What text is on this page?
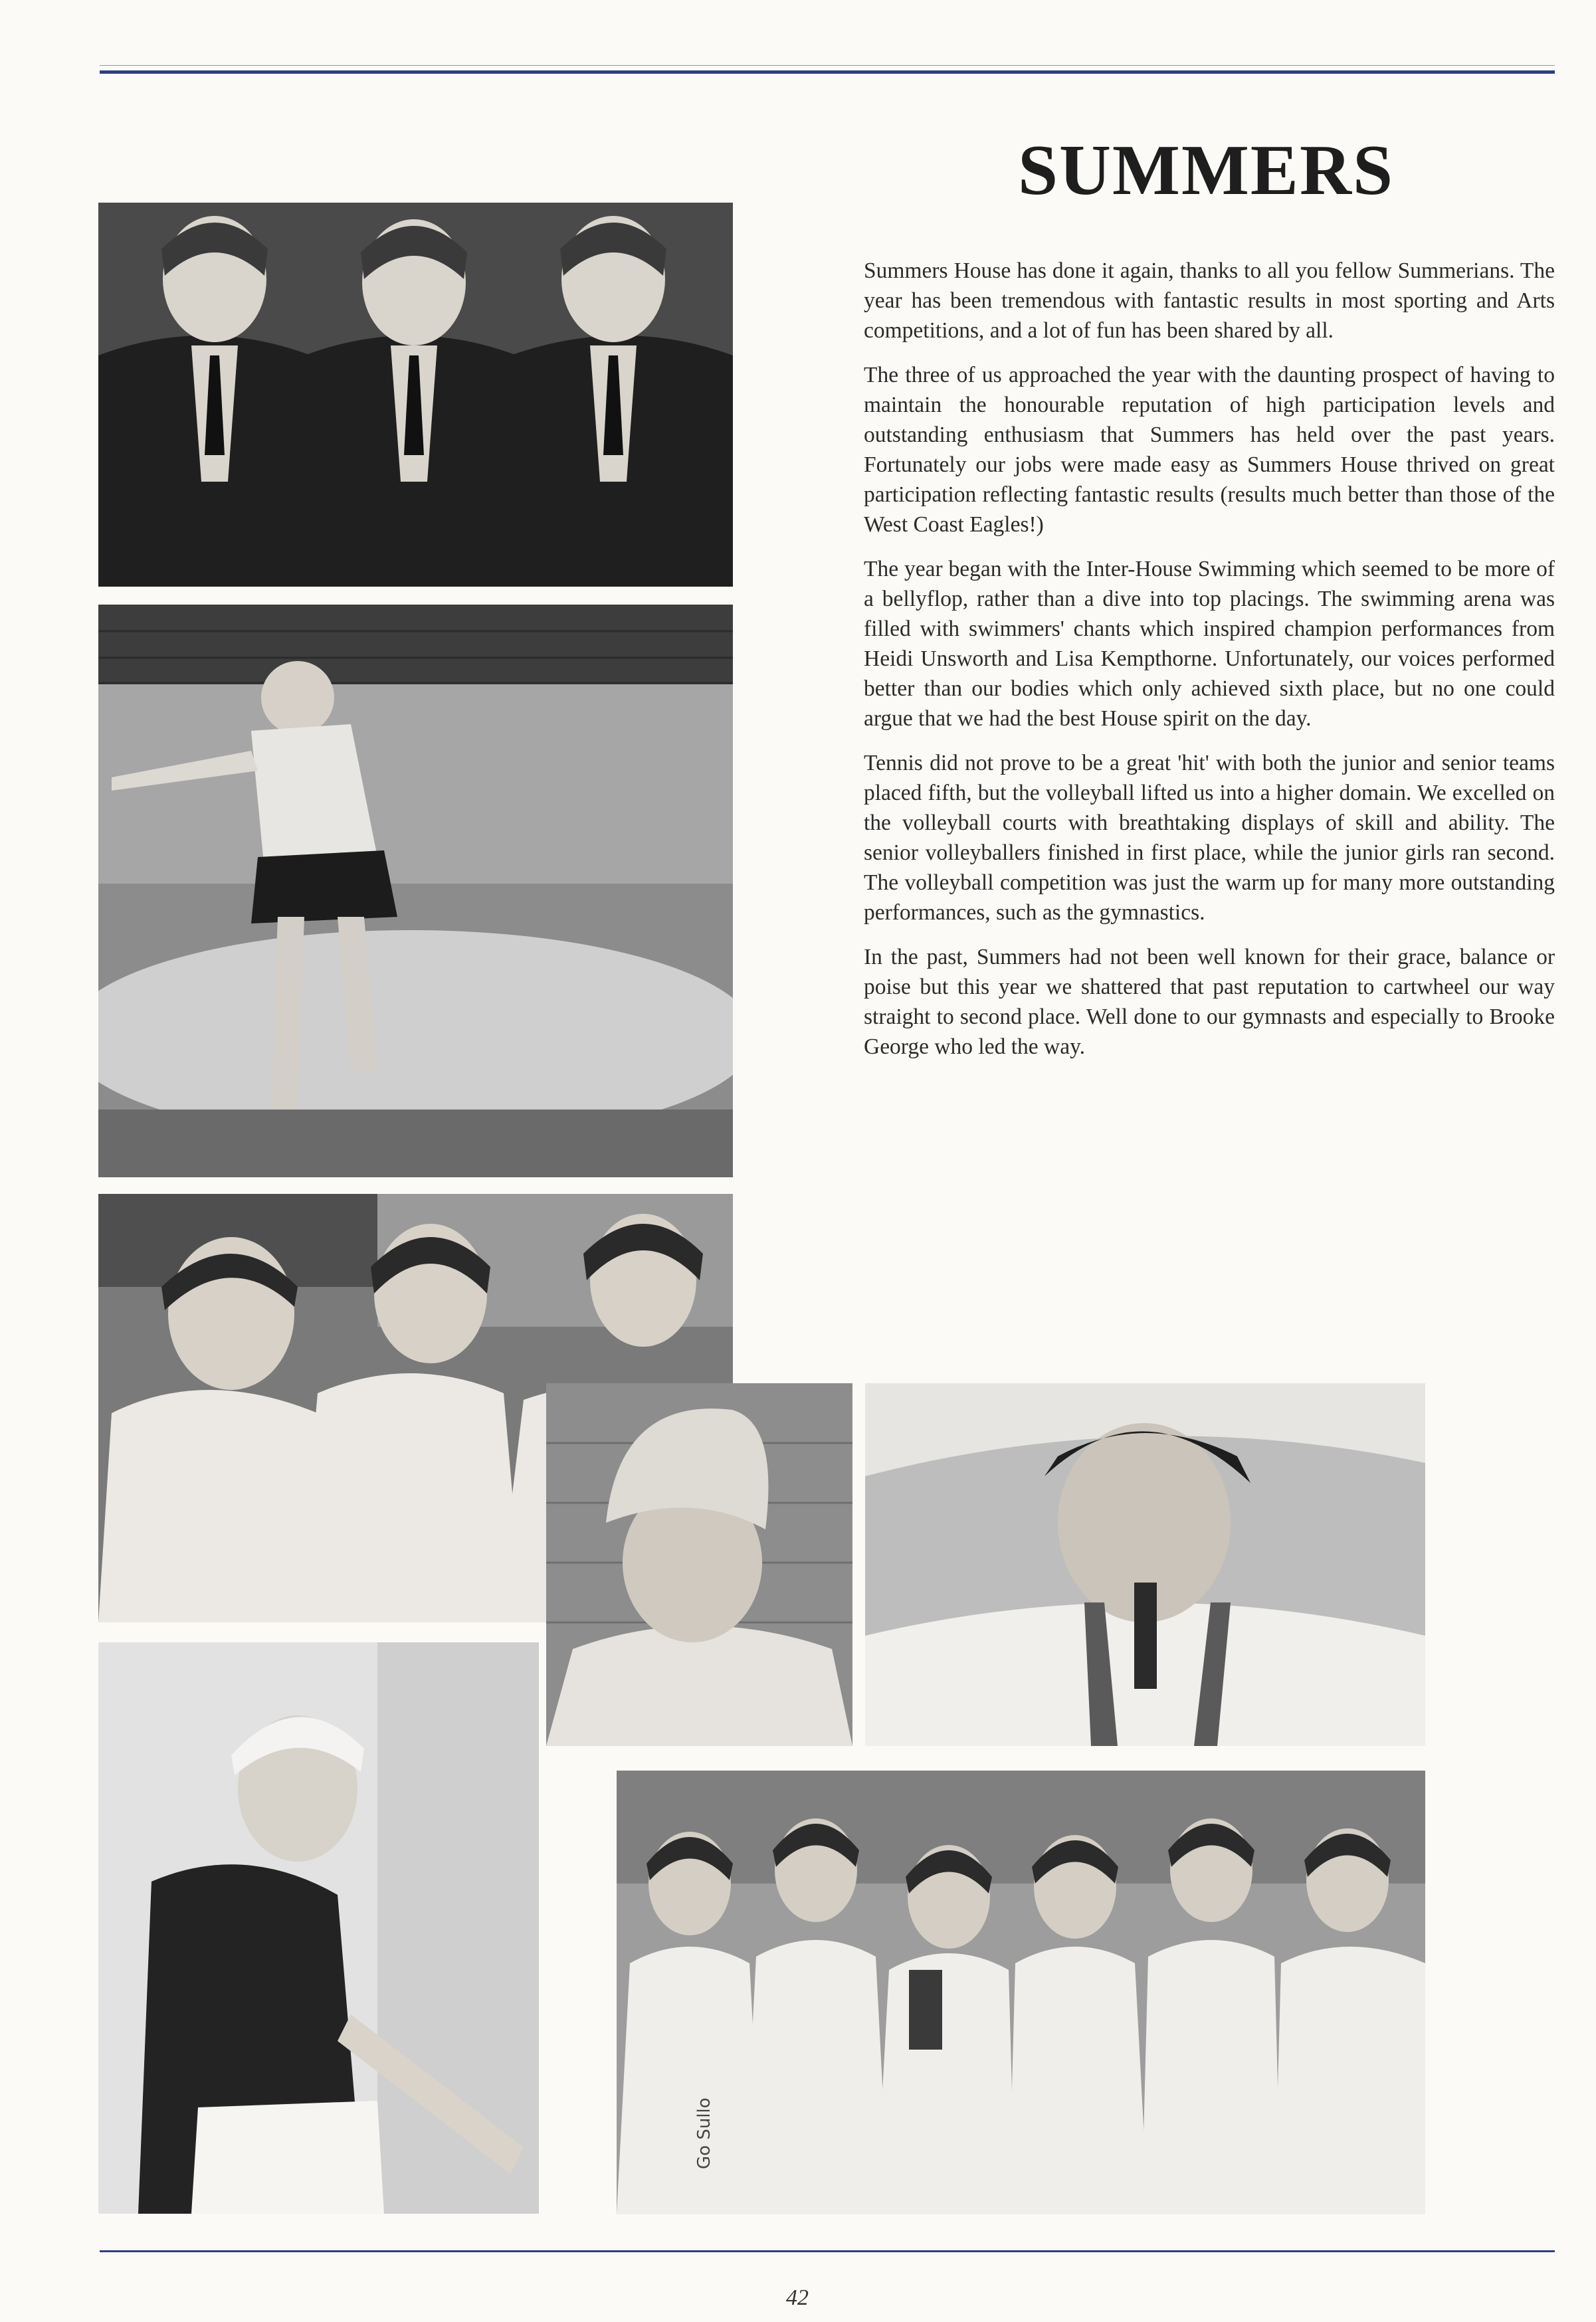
SUMMERS

Summers House has done it again, thanks to all you fellow Summerians. The year has been tremendous with fantastic results in most sporting and Arts competitions, and a lot of fun has been shared by all.

The three of us approached the year with the daunting prospect of having to maintain the honourable reputation of high participation levels and outstanding enthusiasm that Summers has held over the past years. Fortunately our jobs were made easy as Summers House thrived on great participation reflecting fantastic results (results much better than those of the West Coast Eagles!)

The year began with the Inter-House Swimming which seemed to be more of a bellyflop, rather than a dive into top placings. The swimming arena was filled with swimmers' chants which inspired champion performances from Heidi Unsworth and Lisa Kempthorne. Unfortunately, our voices performed better than our bodies which only achieved sixth place, but no one could argue that we had the best House spirit on the day.

Tennis did not prove to be a great 'hit' with both the junior and senior teams placed fifth, but the volleyball lifted us into a higher domain. We excelled on the volleyball courts with breathtaking displays of skill and ability. The senior volleyballers finished in first place, while the junior girls ran second. The volleyball competition was just the warm up for many more outstanding performances, such as the gymnastics.

In the past, Summers had not been well known for their grace, balance or poise but this year we shattered that past reputation to cartwheel our way straight to second place. Well done to our gymnasts and especially to Brooke George who led the way.

Go Sullo
42
